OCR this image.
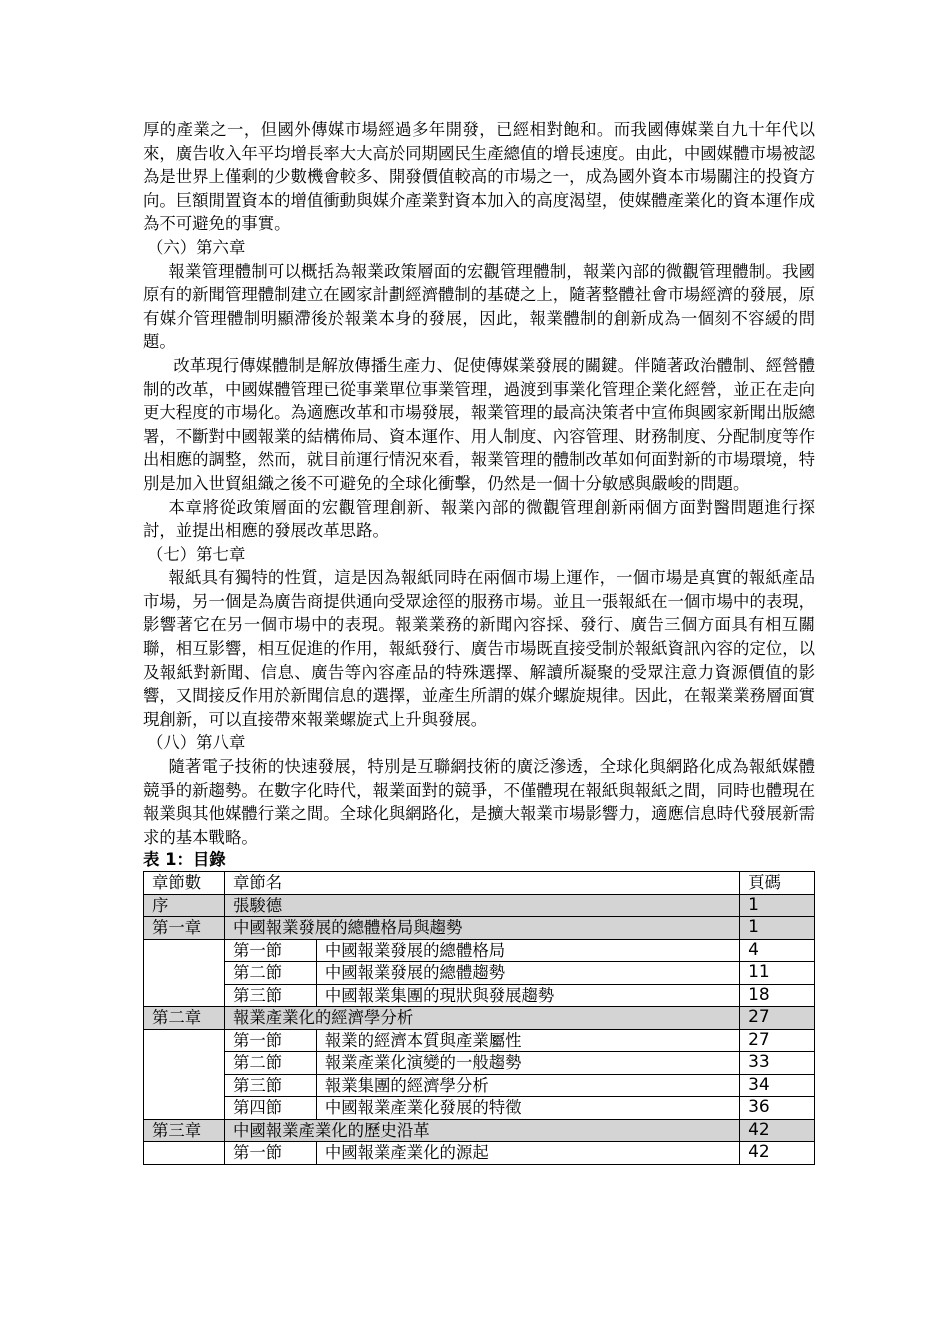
厚的產業之一，但國外傳媒市場經過多年開發，已經相對飽和。而我國傳媒業自九十年代以來，廣告收入年平均增長率大大高於同期國民生產總值的增長速度。由此，中國媒體市場被認為是世界上僅剩的少數機會較多、開發價值較高的市場之一，成為國外資本市場關注的投資方向。巨額閒置資本的增值衝動與媒介產業對資本加入的高度渴望，使媒體產業化的資本運作成為不可避免的事實。

（六）第六章

報業管理體制可以概括為報業政策層面的宏觀管理體制，報業內部的微觀管理體制。我國原有的新聞管理體制建立在國家計劃經濟體制的基礎之上，隨著整體社會市場經濟的發展，原有媒介管理體制明顯滯後於報業本身的發展，因此，報業體制的創新成為一個刻不容緩的問題。

改革現行傳媒體制是解放傳播生產力、促使傳媒業發展的關鍵。伴隨著政治體制、經營體制的改革，中國媒體管理已從事業單位事業管理，過渡到事業化管理企業化經營，並正在走向更大程度的市場化。為適應改革和市場發展，報業管理的最高決策者中宣佈與國家新聞出版總署，不斷對中國報業的結構佈局、資本運作、用人制度、內容管理、財務制度、分配制度等作出相應的調整，然而，就目前運行情況來看，報業管理的體制改革如何面對新的市場環境，特別是加入世貿組織之後不可避免的全球化衝擊，仍然是一個十分敏感與嚴峻的問題。

本章將從政策層面的宏觀管理創新、報業內部的微觀管理創新兩個方面對醫問題進行探討，並提出相應的發展改革思路。

（七）第七章

報紙具有獨特的性質，這是因為報紙同時在兩個市場上運作，一個市場是真實的報紙產品市場，另一個是為廣告商提供通向受眾途徑的服務市場。並且一張報紙在一個市場中的表現，影響著它在另一個市場中的表現。報業業務的新聞內容採、發行、廣告三個方面具有相互關聯，相互影響，相互促進的作用，報紙發行、廣告市場既直接受制於報紙資訊內容的定位，以及報紙對新聞、信息、廣告等內容產品的特殊選擇、解讀所凝聚的受眾注意力資源價值的影響，又間接反作用於新聞信息的選擇，並產生所謂的媒介螺旋規律。因此，在報業業務層面實現創新，可以直接帶來報業螺旋式上升與發展。

（八）第八章

隨著電子技術的快速發展，特別是互聯網技術的廣泛滲透，全球化與網路化成為報紙媒體競爭的新趨勢。在數字化時代，報業面對的競爭，不僅體現在報紙與報紙之間，同時也體現在報業與其他媒體行業之間。全球化與網路化，是擴大報業市場影響力，適應信息時代發展新需求的基本戰略。

表 1：目錄

章節數	章節名		頁碼
序	張駿德		1
第一章	中國報業發展的總體格局與趨勢		1
	第一節	中國報業發展的總體格局	4
	第二節	中國報業發展的總體趨勢	11
	第三節	中國報業集團的現狀與發展趨勢	18
第二章	報業產業化的經濟學分析		27
	第一節	報業的經濟本質與產業屬性	27
	第二節	報業產業化演變的一般趨勢	33
	第三節	報業集團的經濟學分析	34
	第四節	中國報業產業化發展的特徵	36
第三章	中國報業產業化的歷史沿革		42
	第一節	中國報業產業化的源起	42
